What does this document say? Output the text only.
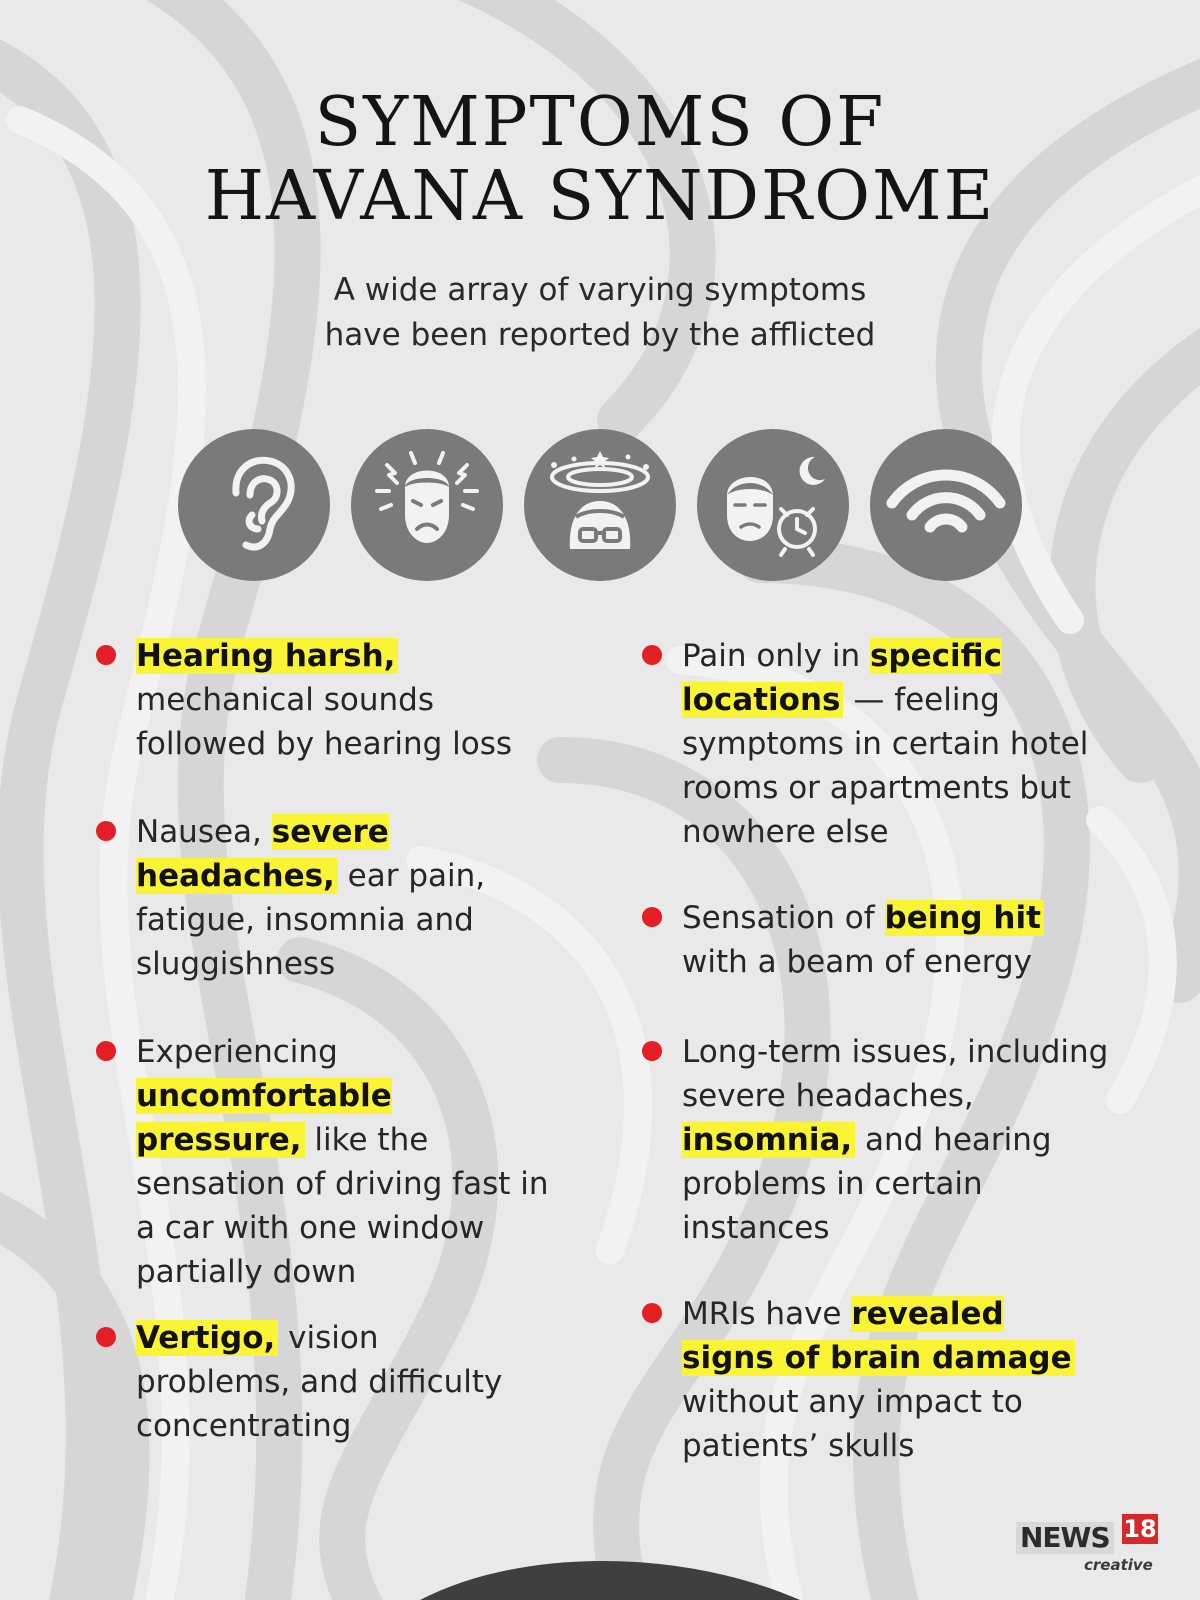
SYMPTOMS OF
HAVANA SYNDROME
A wide array of varying symptoms
have been reported by the afflicted
Hearing harsh,
mechanical sounds followed by hearing loss
Nausea, severe headaches, ear pain, fatigue, insomnia and sluggishness
Experiencing
uncomfortable pressure, like the sensation of driving fast in a car with one window partially down
Vertigo, vision problems, and difficulty concentrating
Pain only in specific locations — feeling symptoms in certain hotel rooms or apartments but nowhere else
Sensation of being hit
with a beam of energy
Long-term issues, including severe headaches, insomnia, and hearing problems in certain instances
MRIs have revealed signs of brain damage without any impact to patients’ skulls
NEWS 18
creative
